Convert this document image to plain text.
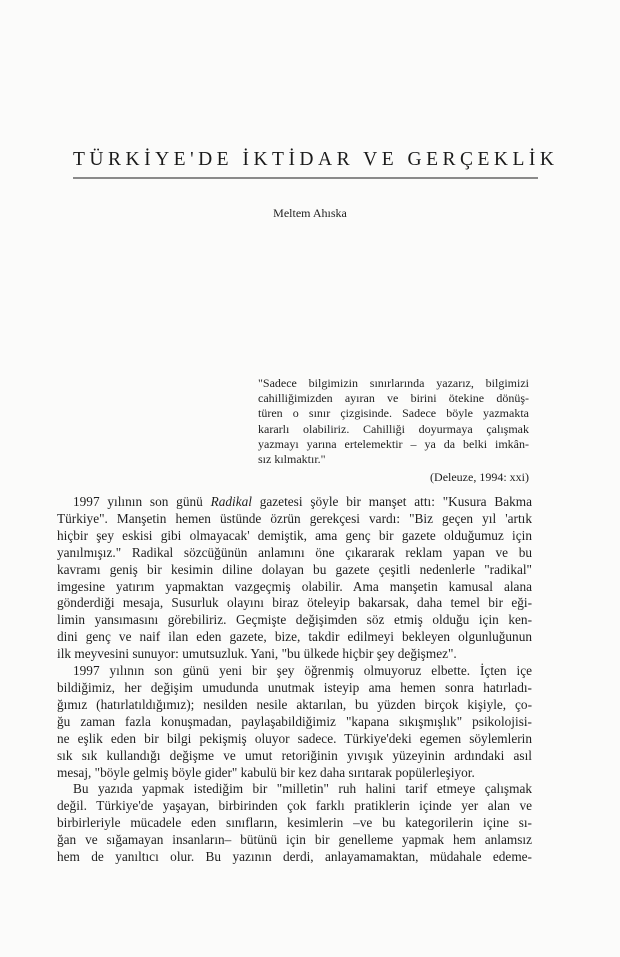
TÜRKİYE'DE İKTİDAR VE GERÇEKLİK
Meltem Ahıska
"Sadece bilgimizin sınırlarında yazarız, bilgimizi
cahilliğimizden ayıran ve birini ötekine dönüş-
türen o sınır çizgisinde. Sadece böyle yazmakta
kararlı olabiliriz. Cahilliği doyurmaya çalışmak
yazmayı yarına ertelemektir – ya da belki imkân-
sız kılmaktır."
(Deleuze, 1994: xxi)
1997 yılının son günü Radikal gazetesi şöyle bir manşet attı: "Kusura Bakma
Türkiye". Manşetin hemen üstünde özrün gerekçesi vardı: "Biz geçen yıl 'artık
hiçbir şey eskisi gibi olmayacak' demiştik, ama genç bir gazete olduğumuz için
yanılmışız." Radikal sözcüğünün anlamını öne çıkararak reklam yapan ve bu
kavramı geniş bir kesimin diline dolayan bu gazete çeşitli nedenlerle "radikal"
imgesine yatırım yapmaktan vazgeçmiş olabilir. Ama manşetin kamusal alana
gönderdiği mesaja, Susurluk olayını biraz öteleyip bakarsak, daha temel bir eği-
limin yansımasını görebiliriz. Geçmişte değişimden söz etmiş olduğu için ken-
dini genç ve naif ilan eden gazete, bize, takdir edilmeyi bekleyen olgunluğunun
ilk meyvesini sunuyor: umutsuzluk. Yani, "bu ülkede hiçbir şey değişmez".
1997 yılının son günü yeni bir şey öğrenmiş olmuyoruz elbette. İçten içe
bildiğimiz, her değişim umudunda unutmak isteyip ama hemen sonra hatırladı-
ğımız (hatırlatıldığımız); nesilden nesile aktarılan, bu yüzden birçok kişiyle, ço-
ğu zaman fazla konuşmadan, paylaşabildiğimiz "kapana sıkışmışlık" psikolojisi-
ne eşlik eden bir bilgi pekişmiş oluyor sadece. Türkiye'deki egemen söylemlerin
sık sık kullandığı değişme ve umut retoriğinin yıvışık yüzeyinin ardındaki asıl
mesaj, "böyle gelmiş böyle gider" kabulü bir kez daha sırıtarak popülerleşiyor.
Bu yazıda yapmak istediğim bir "milletin" ruh halini tarif etmeye çalışmak
değil. Türkiye'de yaşayan, birbirinden çok farklı pratiklerin içinde yer alan ve
birbirleriyle mücadele eden sınıfların, kesimlerin –ve bu kategorilerin içine sı-
ğan ve sığamayan insanların– bütünü için bir genelleme yapmak hem anlamsız
hem de yanıltıcı olur. Bu yazının derdi, anlayamamaktan, müdahale edeme-
